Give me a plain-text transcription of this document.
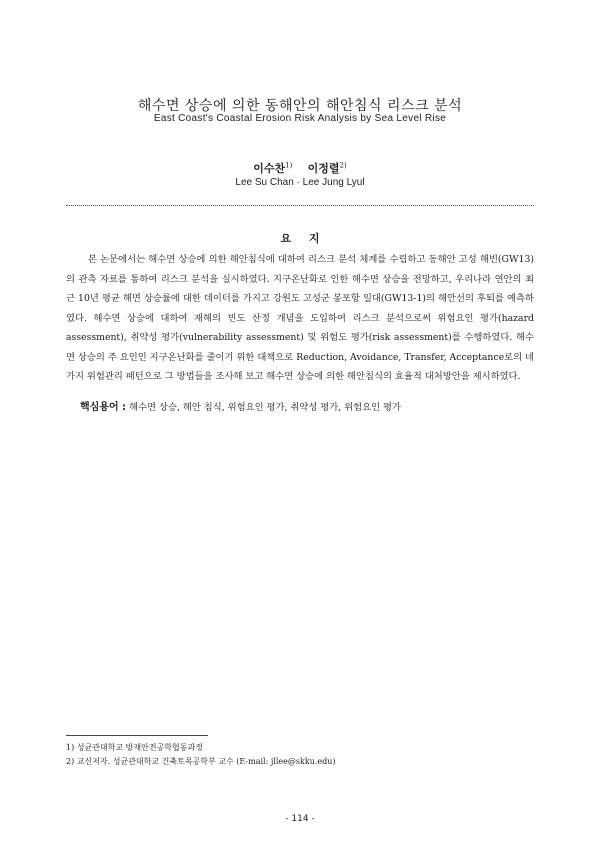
해수면 상승에 의한 동해안의 해안침식 리스크 분석
East Coast's Coastal Erosion Risk Analysis by Sea Level Rise
이수찬$^{1)}$ 이정렬$^{2)}$
Lee Su Chan · Lee Jung Lyul
요 지

본 논문에서는 해수면 상승에 의한 해안침식에 대하여 리스크 분석 체계를 수립하고 동해안 고성 해빈(GW13)의 관측 자료를 통하여 리스크 분석을 실시하였다. 지구온난화로 인한 해수면 상승을 전망하고, 우리나라 연안의 최근 10년 평균 해면 상승률에 대한 데이터를 가지고 강원도 고성군 봉포항 일대(GW13-1)의 해안선의 후퇴를 예측하였다. 해수면 상승에 대하여 재해의 빈도 산정 개념을 도입하여 리스크 분석으로써 위험요인 평가(hazard assessment), 취약성 평가(vulnerability assessment) 및 위험도 평가(risk assessment)를 수행하였다. 해수면 상승의 주 요인인 지구온난화를 줄이기 위한 대책으로 Reduction, Avoidance, Transfer, Acceptance로의 네 가지 위험관리 패턴으로 그 방법들을 조사해 보고 해수면 상승에 의한 해안침식의 효율적 대처방안을 제시하였다.

핵심용어 : 해수면 상승, 해안 침식, 위험요인 평가, 취약성 평가, 위험요인 평가
1) 성균관대학교 방재안전공학협동과정
2) 교신저자. 성균관대학교 건축토목공학부 교수 (E-mail: jllee@skku.edu)
- 114 -
